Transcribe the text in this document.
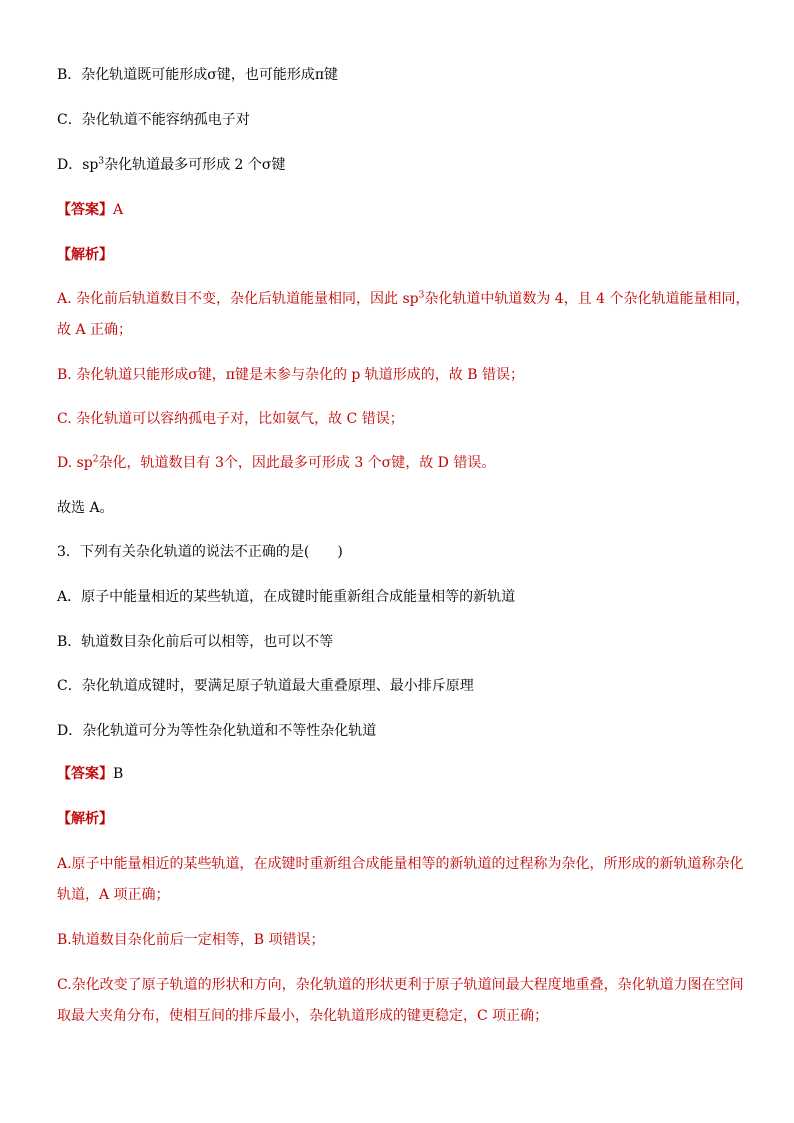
B．杂化轨道既可能形成σ键，也可能形成π键
C．杂化轨道不能容纳孤电子对
D．$sp^3$杂化轨道最多可形成 2 个σ键
【答案】A
【解析】
A. 杂化前后轨道数目不变，杂化后轨道能量相同，因此 $sp^3$杂化轨道中轨道数为 4，且 4 个杂化轨道能量相同，
故 A 正确；
B. 杂化轨道只能形成σ键，π键是未参与杂化的 p 轨道形成的，故 B 错误；
C. 杂化轨道可以容纳孤电子对，比如氨气，故 C 错误；
D. $sp^2$杂化，轨道数目有 3个，因此最多可形成 3 个σ键，故 D 错误。
故选 A。
3．下列有关杂化轨道的说法不正确的是(　　)
A．原子中能量相近的某些轨道，在成键时能重新组合成能量相等的新轨道
B．轨道数目杂化前后可以相等，也可以不等
C．杂化轨道成键时，要满足原子轨道最大重叠原理、最小排斥原理
D．杂化轨道可分为等性杂化轨道和不等性杂化轨道
【答案】B
【解析】
A.原子中能量相近的某些轨道，在成键时重新组合成能量相等的新轨道的过程称为杂化，所形成的新轨道称杂化
轨道，A 项正确；
B.轨道数目杂化前后一定相等，B 项错误；
C.杂化改变了原子轨道的形状和方向，杂化轨道的形状更利于原子轨道间最大程度地重叠，杂化轨道力图在空间
取最大夹角分布，使相互间的排斥最小，杂化轨道形成的键更稳定，C 项正确；
